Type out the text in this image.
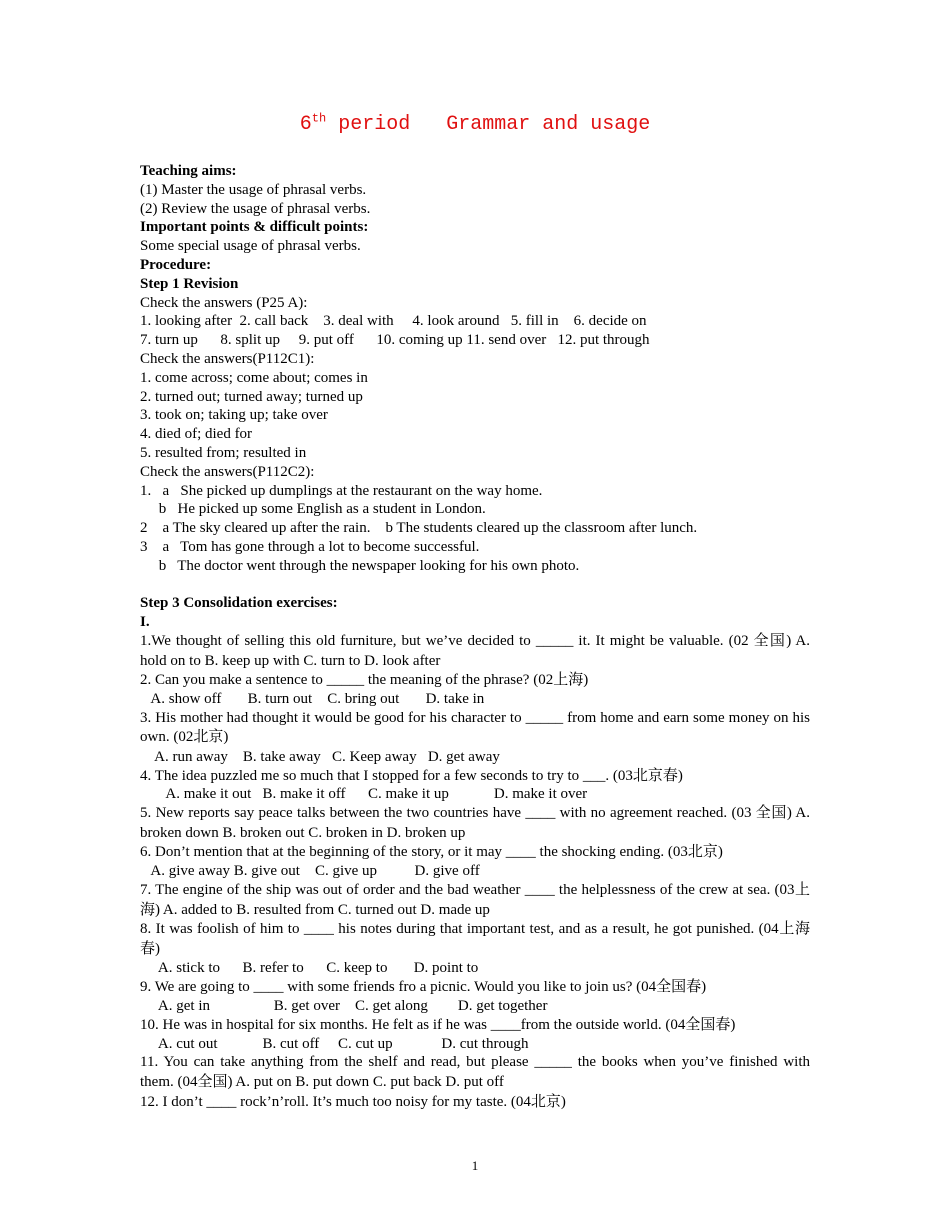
6th period Grammar and usage

Teaching aims:

(1) Master the usage of phrasal verbs.

(2) Review the usage of phrasal verbs.

Important points & difficult points:

Some special usage of phrasal verbs.

Procedure:

Step 1 Revision

Check the answers (P25 A):

1. looking after  2. call back    3. deal with     4. look around   5. fill in    6. decide on

7. turn up      8. split up     9. put off      10. coming up 11. send over   12. put through

Check the answers(P112C1):

1. come across; come about; comes in

2. turned out; turned away; turned up

3. took on; taking up; take over

4. died of; died for

5. resulted from; resulted in

Check the answers(P112C2):

1.   a   She picked up dumplings at the restaurant on the way home.

b   He picked up some English as a student in London.

2    a The sky cleared up after the rain.    b The students cleared up the classroom after lunch.

3    a   Tom has gone through a lot to become successful.

b   The doctor went through the newspaper looking for his own photo.

Step 3 Consolidation exercises:

I.

1.We thought of selling this old furniture, but we’ve decided to _____ it. It might be valuable. (02 全国) A. hold on to B. keep up with C. turn to D. look after

2. Can you make a sentence to _____ the meaning of the phrase? (02上海)

A. show off       B. turn out    C. bring out       D. take in

3. His mother had thought it would be good for his character to _____ from home and earn some money on his own. (02北京)

A. run away    B. take away   C. Keep away   D. get away

4. The idea puzzled me so much that I stopped for a few seconds to try to ___. (03北京春)

A. make it out   B. make it off      C. make it up            D. make it over

5. New reports say peace talks between the two countries have ____ with no agreement reached. (03 全国) A. broken down B. broken out C. broken in D. broken up

6. Don’t mention that at the beginning of the story, or it may ____ the shocking ending. (03北京)

A. give away B. give out    C. give up          D. give off

7. The engine of the ship was out of order and the bad weather ____ the helplessness of the crew at sea. (03上海) A. added to B. resulted from C. turned out D. made up

8. It was foolish of him to ____ his notes during that important test, and as a result, he got punished. (04上海春)

A. stick to      B. refer to      C. keep to       D. point to

9. We are going to ____ with some friends fro a picnic. Would you like to join us? (04全国春)

A. get in                 B. get over    C. get along        D. get together

10. He was in hospital for six months. He felt as if he was ____from the outside world. (04全国春)

A. cut out            B. cut off     C. cut up             D. cut through

11. You can take anything from the shelf and read, but please _____ the books when you’ve finished with them. (04全国) A. put on B. put down C. put back D. put off

12. I don’t ____ rock’n’roll. It’s much too noisy for my taste. (04北京)

1
